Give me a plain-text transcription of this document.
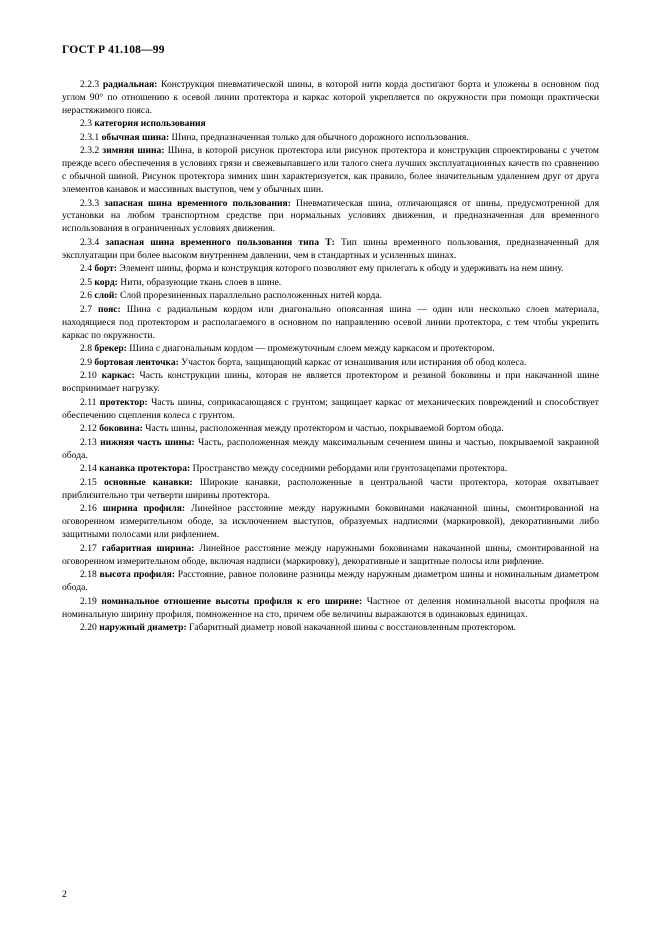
ГОСТ Р 41.108—99

2.2.3 радиальная: Конструкция пневматической шины, в которой нити корда достигают борта и уложены в основном под углом 90° по отношению к осевой линии протектора и каркас которой укрепляется по окружности при помощи практически нерастяжимого пояса.

2.3 категория использования

2.3.1 обычная шина: Шина, предназначенная только для обычного дорожного использования.

2.3.2 зимняя шина: Шина, в которой рисунок протектора или рисунок протектора и конструкция спроектированы с учетом прежде всего обеспечения в условиях грязи и свежевыпавшего или талого снега лучших эксплуатационных качеств по сравнению с обычной шиной. Рисунок протектора зимних шин характеризуется, как правило, более значительным удалением друг от друга элементов канавок и массивных выступов, чем у обычных шин.

2.3.3 запасная шина временного пользования: Пневматическая шина, отличающаяся от шины, предусмотренной для установки на любом транспортном средстве при нормальных условиях движения, и предназначенная для временного использования в ограниченных условиях движения.

2.3.4 запасная шина временного пользования типа Т: Тип шины временного пользования, предназначенный для эксплуатации при более высоком внутреннем давлении, чем в стандартных и усиленных шинах.

2.4 борт: Элемент шины, форма и конструкция которого позволяют ему прилегать к ободу и удерживать на нем шину.

2.5 корд: Нити, образующие ткань слоев в шине.

2.6 слой: Слой прорезиненных параллельно расположенных нитей корда.

2.7 пояс: Шина с радиальным кордом или диагонально опоясанная шина — один или несколько слоев материала, находящиеся под протектором и располагаемого в основном по направлению осевой линии протектора, с тем чтобы укрепить каркас по окружности.

2.8 брекер: Шина с диагональным кордом — промежуточным слоем между каркасом и протектором.

2.9 бортовая ленточка: Участок борта, защищающий каркас от изнашивания или истирания об обод колеса.

2.10 каркас: Часть конструкции шины, которая не является протектором и резиной боковины и при накачанной шине воспринимает нагрузку.

2.11 протектор: Часть шины, соприкасающаяся с грунтом; защищает каркас от механических повреждений и способствует обеспечению сцепления колеса с грунтом.

2.12 боковина: Часть шины, расположенная между протектором и частью, покрываемой бортом обода.

2.13 нижняя часть шины: Часть, расположенная между максимальным сечением шины и частью, покрываемой закраиной обода.

2.14 канавка протектора: Пространство между соседними ребордами или грунтозацепами протектора.

2.15 основные канавки: Широкие канавки, расположенные в центральной части протектора, которая охватывает приблизительно три четверти ширины протектора.

2.16 ширина профиля: Линейное расстояние между наружными боковинами накачанной шины, смонтированной на оговоренном измерительном ободе, за исключением выступов, образуемых надписями (маркировкой), декоративными либо защитными полосами или рифлением.

2.17 габаритная ширина: Линейное расстояние между наружными боковинами накачанной шины, смонтированной на оговоренном измерительном ободе, включая надписи (маркировку), декоративные и защитные полосы или рифление.

2.18 высота профиля: Расстояние, равное половине разницы между наружным диаметром шины и номинальным диаметром обода.

2.19 номинальное отношение высоты профиля к его ширине: Частное от деления номинальной высоты профиля на номинальную ширину профиля, помноженное на сто, причем обе величины выражаются в одинаковых единицах.

2.20 наружный диаметр: Габаритный диаметр новой накачанной шины с восстановленным протектором.

2
